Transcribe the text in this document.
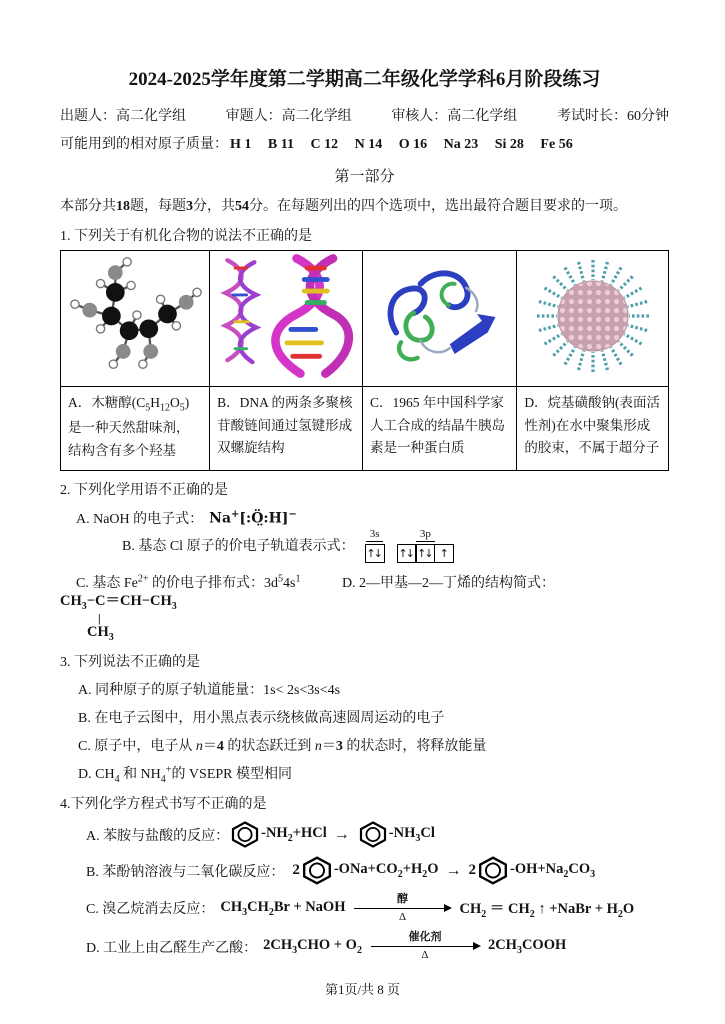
2024-2025学年度第二学期高二年级化学学科6月阶段练习
出题人：高二化学组	审题人：高二化学组	审核人：高二化学组	考试时长：60分钟
可能用到的相对原子质量： H 1 B 11 C 12 N 14 O 16 Na 23 Si 28 Fe 56
第一部分

本部分共18题，每题3分，共54分。在每题列出的四个选项中，选出最符合题目要求的一项。

1. 下列关于有机化合物的说法不正确的是

A．木糖醇$(C_5H_{12}O_5)$是一种天然甜味剂，结构含有多个羟基	B．DNA 的两条多聚核苷酸链间通过氢键形成双螺旋结构	C．1965 年中国科学家人工合成的结晶牛胰岛素是一种蛋白质	D．烷基磺酸钠(表面活性剂)在水中聚集形成的胶束，不属于超分子

2. 下列化学用语不正确的是

A. NaOH 的电子式： Na+[:Ö̤:H]−
B. 基态 Cl 原子的价电子轨道表示式：
3s
↑↓
3p
↑↓ ↑↓ ↑
C. 基态 $Fe^{2+}$ 的价电子排布式：$3d^54s^1$	D. 2—甲基—2—丁烯的结构简式：
$CH_3-C=CH-CH_3$
|
$CH_3$

3. 下列说法不正确的是

A. 同种原子的原子轨道能量：1s< 2s<3s<4s
B. 在电子云图中，用小黑点表示绕核做高速圆周运动的电子
C. 原子中，电子从 n＝4 的状态跃迁到 n＝3 的状态时，将释放能量
D. $CH_4$ 和 $NH_4^+$的 VSEPR 模型相同

4.下列化学方程式书写不正确的是

A. 苯胺与盐酸的反应： $-NH_2+HCl$ →	$-NH_3Cl$
B. 苯酚钠溶液与二氧化碳反应： 2 $-ONa+CO_2+H_2O \to 2$ $-OH+Na_2CO_3$
C. 溴乙烷消去反应： $CH_3CH_2Br$ + NaOH	醇
Δ	$CH_2 = CH_2$ ↑ +NaBr + $H_2O$
D. 工业上由乙醛生产乙酸： $2CH_3CHO + O_2$
催化剂
Δ
$2CH_3COOH$
第1页/共 8 页
